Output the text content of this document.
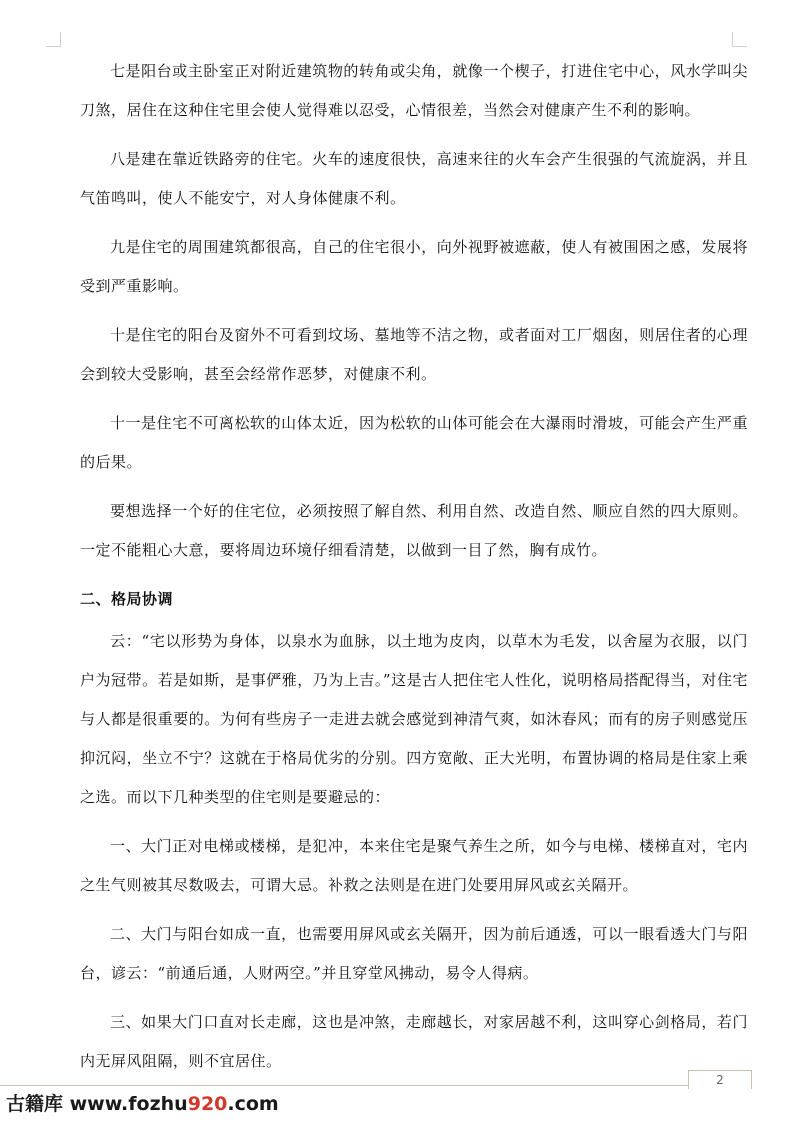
七是阳台或主卧室正对附近建筑物的转角或尖角，就像一个楔子，打进住宅中心，风水学叫尖刀煞，居住在这种住宅里会使人觉得难以忍受，心情很差，当然会对健康产生不利的影响。

八是建在靠近铁路旁的住宅。火车的速度很快，高速来往的火车会产生很强的气流旋涡，并且气笛鸣叫，使人不能安宁，对人身体健康不利。

九是住宅的周围建筑都很高，自己的住宅很小，向外视野被遮蔽，使人有被围困之感，发展将受到严重影响。

十是住宅的阳台及窗外不可看到坟场、墓地等不洁之物，或者面对工厂烟囱，则居住者的心理会到较大受影响，甚至会经常作恶梦，对健康不利。

十一是住宅不可离松软的山体太近，因为松软的山体可能会在大瀑雨时滑坡，可能会产生严重的后果。

要想选择一个好的住宅位，必须按照了解自然、利用自然、改造自然、顺应自然的四大原则。一定不能粗心大意，要将周边环境仔细看清楚，以做到一目了然，胸有成竹。

二、格局协调

云：“宅以形势为身体，以泉水为血脉，以土地为皮肉，以草木为毛发，以舍屋为衣服，以门户为冠带。若是如斯，是事俨雅，乃为上吉。”这是古人把住宅人性化，说明格局搭配得当，对住宅与人都是很重要的。为何有些房子一走进去就会感觉到神清气爽，如沐春风；而有的房子则感觉压抑沉闷，坐立不宁？这就在于格局优劣的分别。四方宽敞、正大光明，布置协调的格局是住家上乘之选。而以下几种类型的住宅则是要避忌的：

一、大门正对电梯或楼梯，是犯冲，本来住宅是聚气养生之所，如今与电梯、楼梯直对，宅内之生气则被其尽数吸去，可谓大忌。补救之法则是在进门处要用屏风或玄关隔开。

二、大门与阳台如成一直，也需要用屏风或玄关隔开，因为前后通透，可以一眼看透大门与阳台，谚云：“前通后通，人财两空。”并且穿堂风拂动，易令人得病。

三、如果大门口直对长走廊，这也是冲煞，走廊越长，对家居越不利，这叫穿心剑格局，若门内无屏风阻隔，则不宜居住。

2
古籍库 www.fozhu920.com
